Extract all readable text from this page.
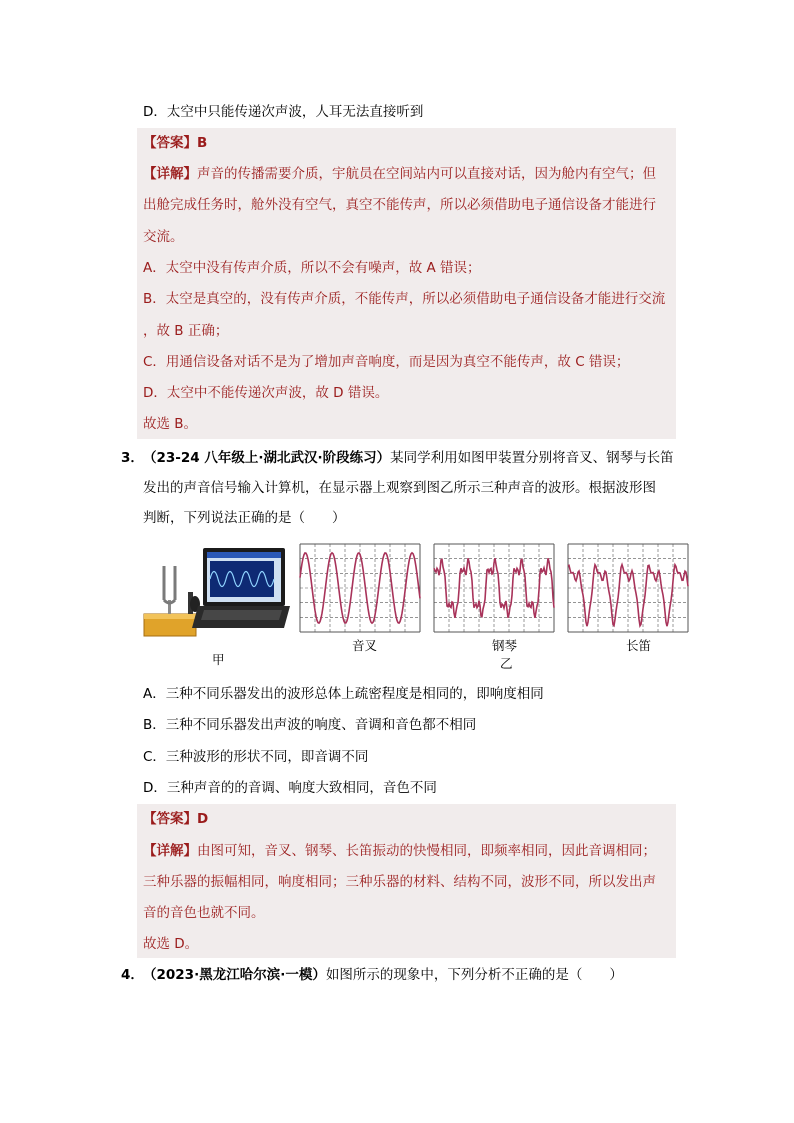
D．太空中只能传递次声波，人耳无法直接听到
【答案】B
【详解】声音的传播需要介质，宇航员在空间站内可以直接对话，因为舱内有空气；但
出舱完成任务时，舱外没有空气，真空不能传声，所以必须借助电子通信设备才能进行
交流。
A．太空中没有传声介质，所以不会有噪声，故 A 错误；
B．太空是真空的，没有传声介质，不能传声，所以必须借助电子通信设备才能进行交流
，故 B 正确；
C．用通信设备对话不是为了增加声音响度，而是因为真空不能传声，故 C 错误；
D．太空中不能传递次声波，故 D 错误。
故选 B。
3． （23-24 八年级上·湖北武汉·阶段练习）某同学利用如图甲装置分别将音叉、钢琴与长笛
发出的声音信号输入计算机，在显示器上观察到图乙所示三种声音的波形。根据波形图
判断，下列说法正确的是（　　）
甲
音叉	钢琴	长笛
乙
A．三种不同乐器发出的波形总体上疏密程度是相同的，即响度相同
B．三种不同乐器发出声波的响度、音调和音色都不相同
C．三种波形的形状不同，即音调不同
D．三种声音的的音调、响度大致相同，音色不同
【答案】D
【详解】由图可知，音叉、钢琴、长笛振动的快慢相同，即频率相同，因此音调相同；
三种乐器的振幅相同，响度相同；三种乐器的材料、结构不同，波形不同，所以发出声
音的音色也就不同。
故选 D。
4． （2023·黑龙江哈尔滨·一模）如图所示的现象中，下列分析不正确的是（　　）
